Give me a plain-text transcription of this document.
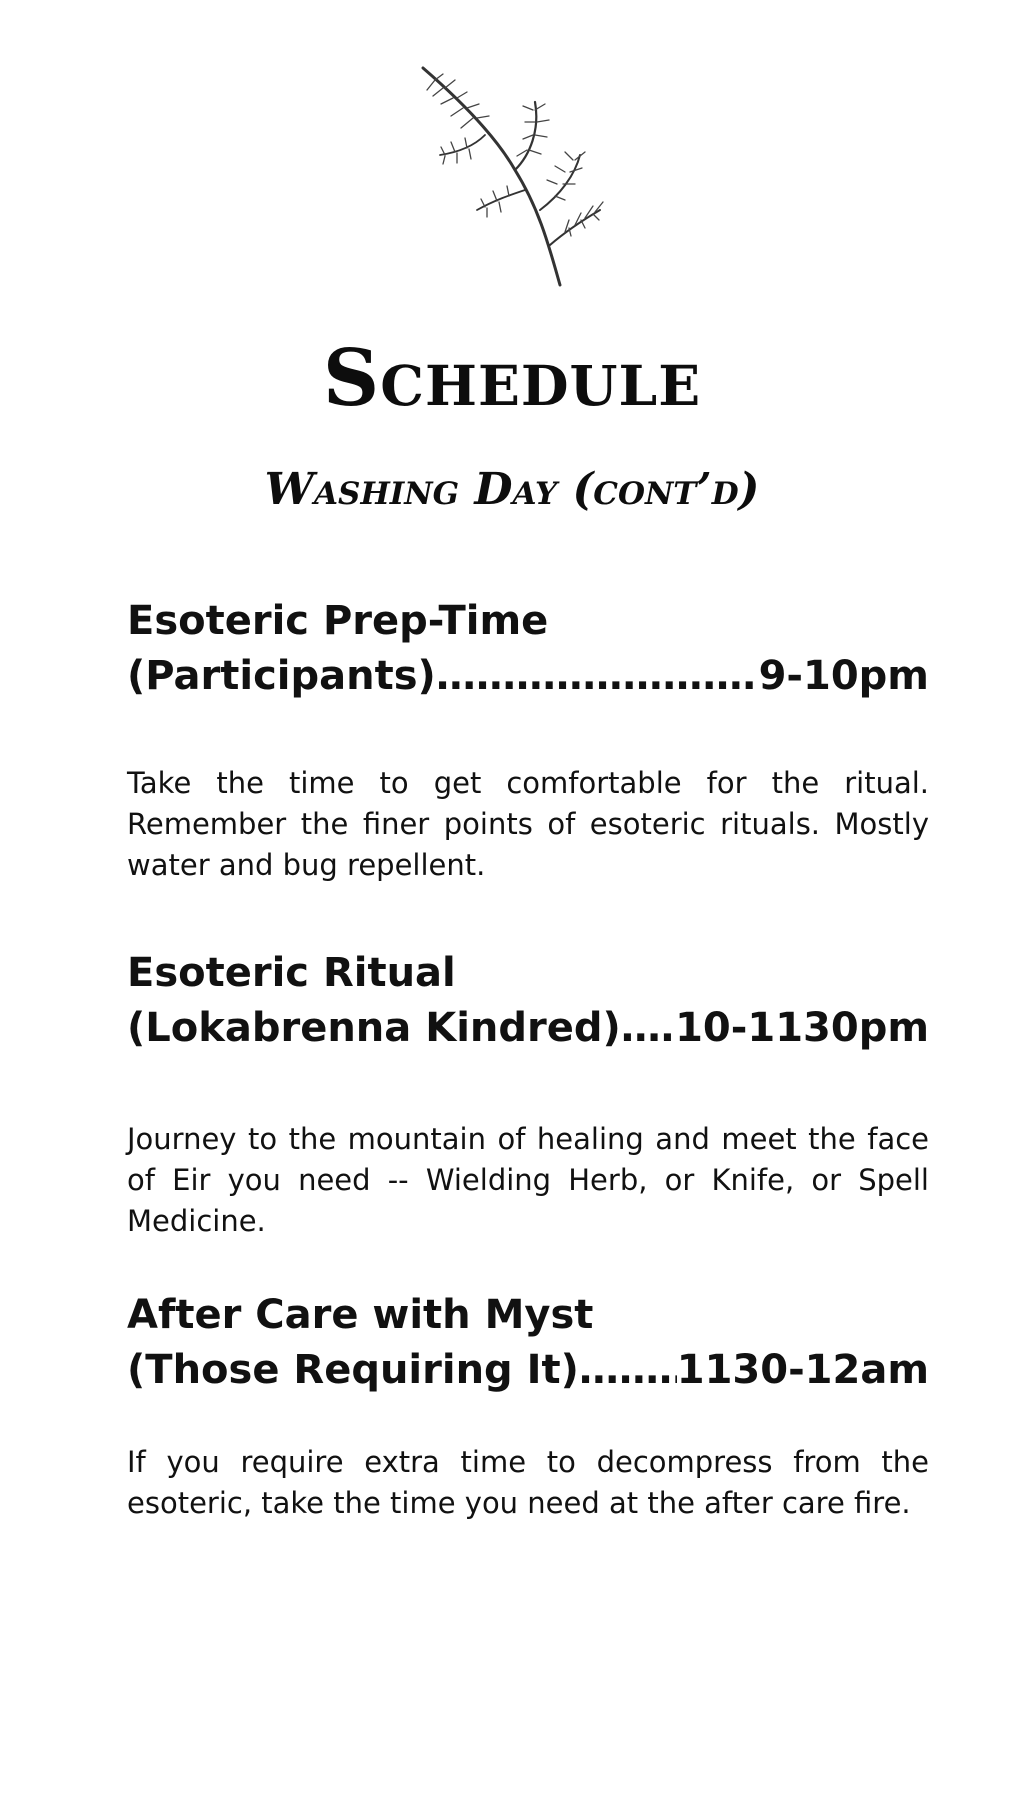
Schedule
Washing Day (cont’d)
Esoteric Prep-Time
(Participants) …………………………………………………………………………………………	9-10pm

Take the time to get comfortable for the ritual. Remember the finer points of esoteric rituals. Mostly water and bug repellent.

Esoteric Ritual
(Lokabrenna Kindred) ………………………………………………………………………………………… 10-1130pm

Journey to the mountain of healing and meet the face of Eir you need -- Wielding Herb, or Knife, or Spell Medicine.

After Care with Myst
(Those Requiring It) ………………………………………………………………………………………… 1130-12am

If you require extra time to decompress from the esoteric, take the time you need at the after care fire.
